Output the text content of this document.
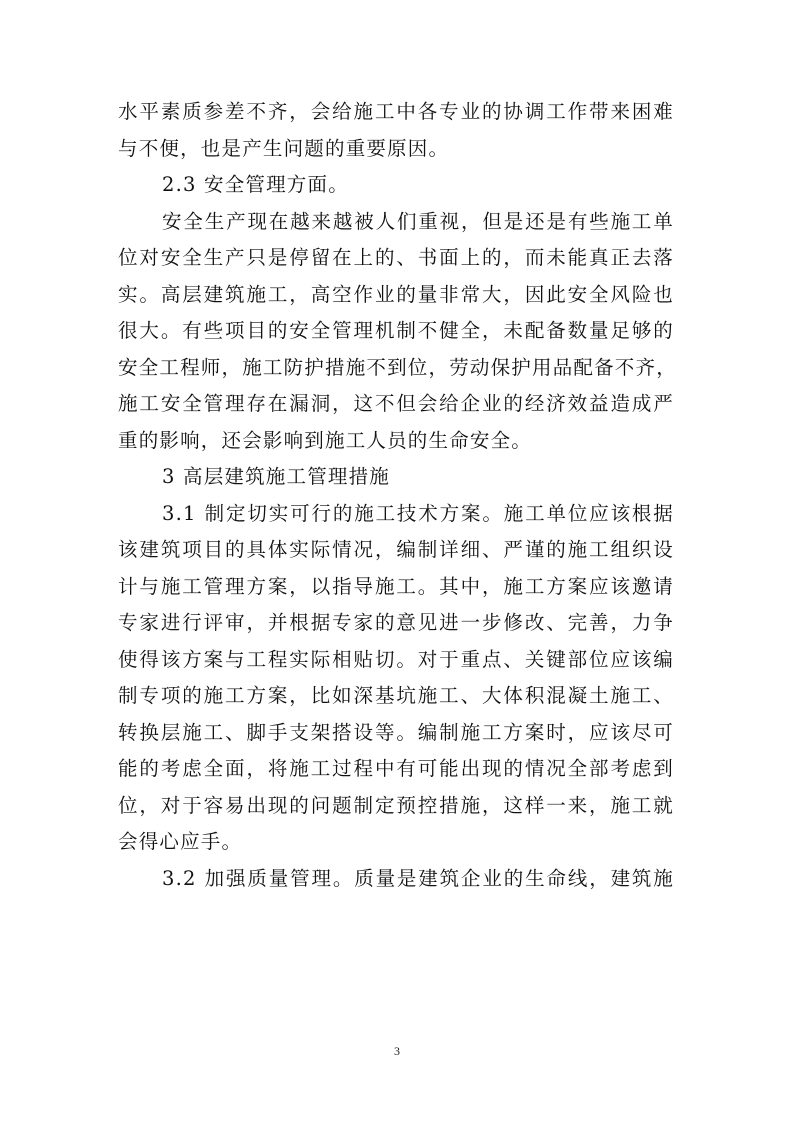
水平素质参差不齐，会给施工中各专业的协调工作带来困难
与不便，也是产生问题的重要原因。
2.3 安全管理方面。
安全生产现在越来越被人们重视，但是还是有些施工单
位对安全生产只是停留在上的、书面上的，而未能真正去落
实。高层建筑施工，高空作业的量非常大，因此安全风险也
很大。有些项目的安全管理机制不健全，未配备数量足够的
安全工程师，施工防护措施不到位，劳动保护用品配备不齐，
施工安全管理存在漏洞，这不但会给企业的经济效益造成严
重的影响，还会影响到施工人员的生命安全。
3 高层建筑施工管理措施
3.1 制定切实可行的施工技术方案。施工单位应该根据
该建筑项目的具体实际情况，编制详细、严谨的施工组织设
计与施工管理方案，以指导施工。其中，施工方案应该邀请
专家进行评审，并根据专家的意见进一步修改、完善，力争
使得该方案与工程实际相贴切。对于重点、关键部位应该编
制专项的施工方案，比如深基坑施工、大体积混凝土施工、
转换层施工、脚手支架搭设等。编制施工方案时，应该尽可
能的考虑全面，将施工过程中有可能出现的情况全部考虑到
位，对于容易出现的问题制定预控措施，这样一来，施工就
会得心应手。
3.2 加强质量管理。质量是建筑企业的生命线，建筑施
3
